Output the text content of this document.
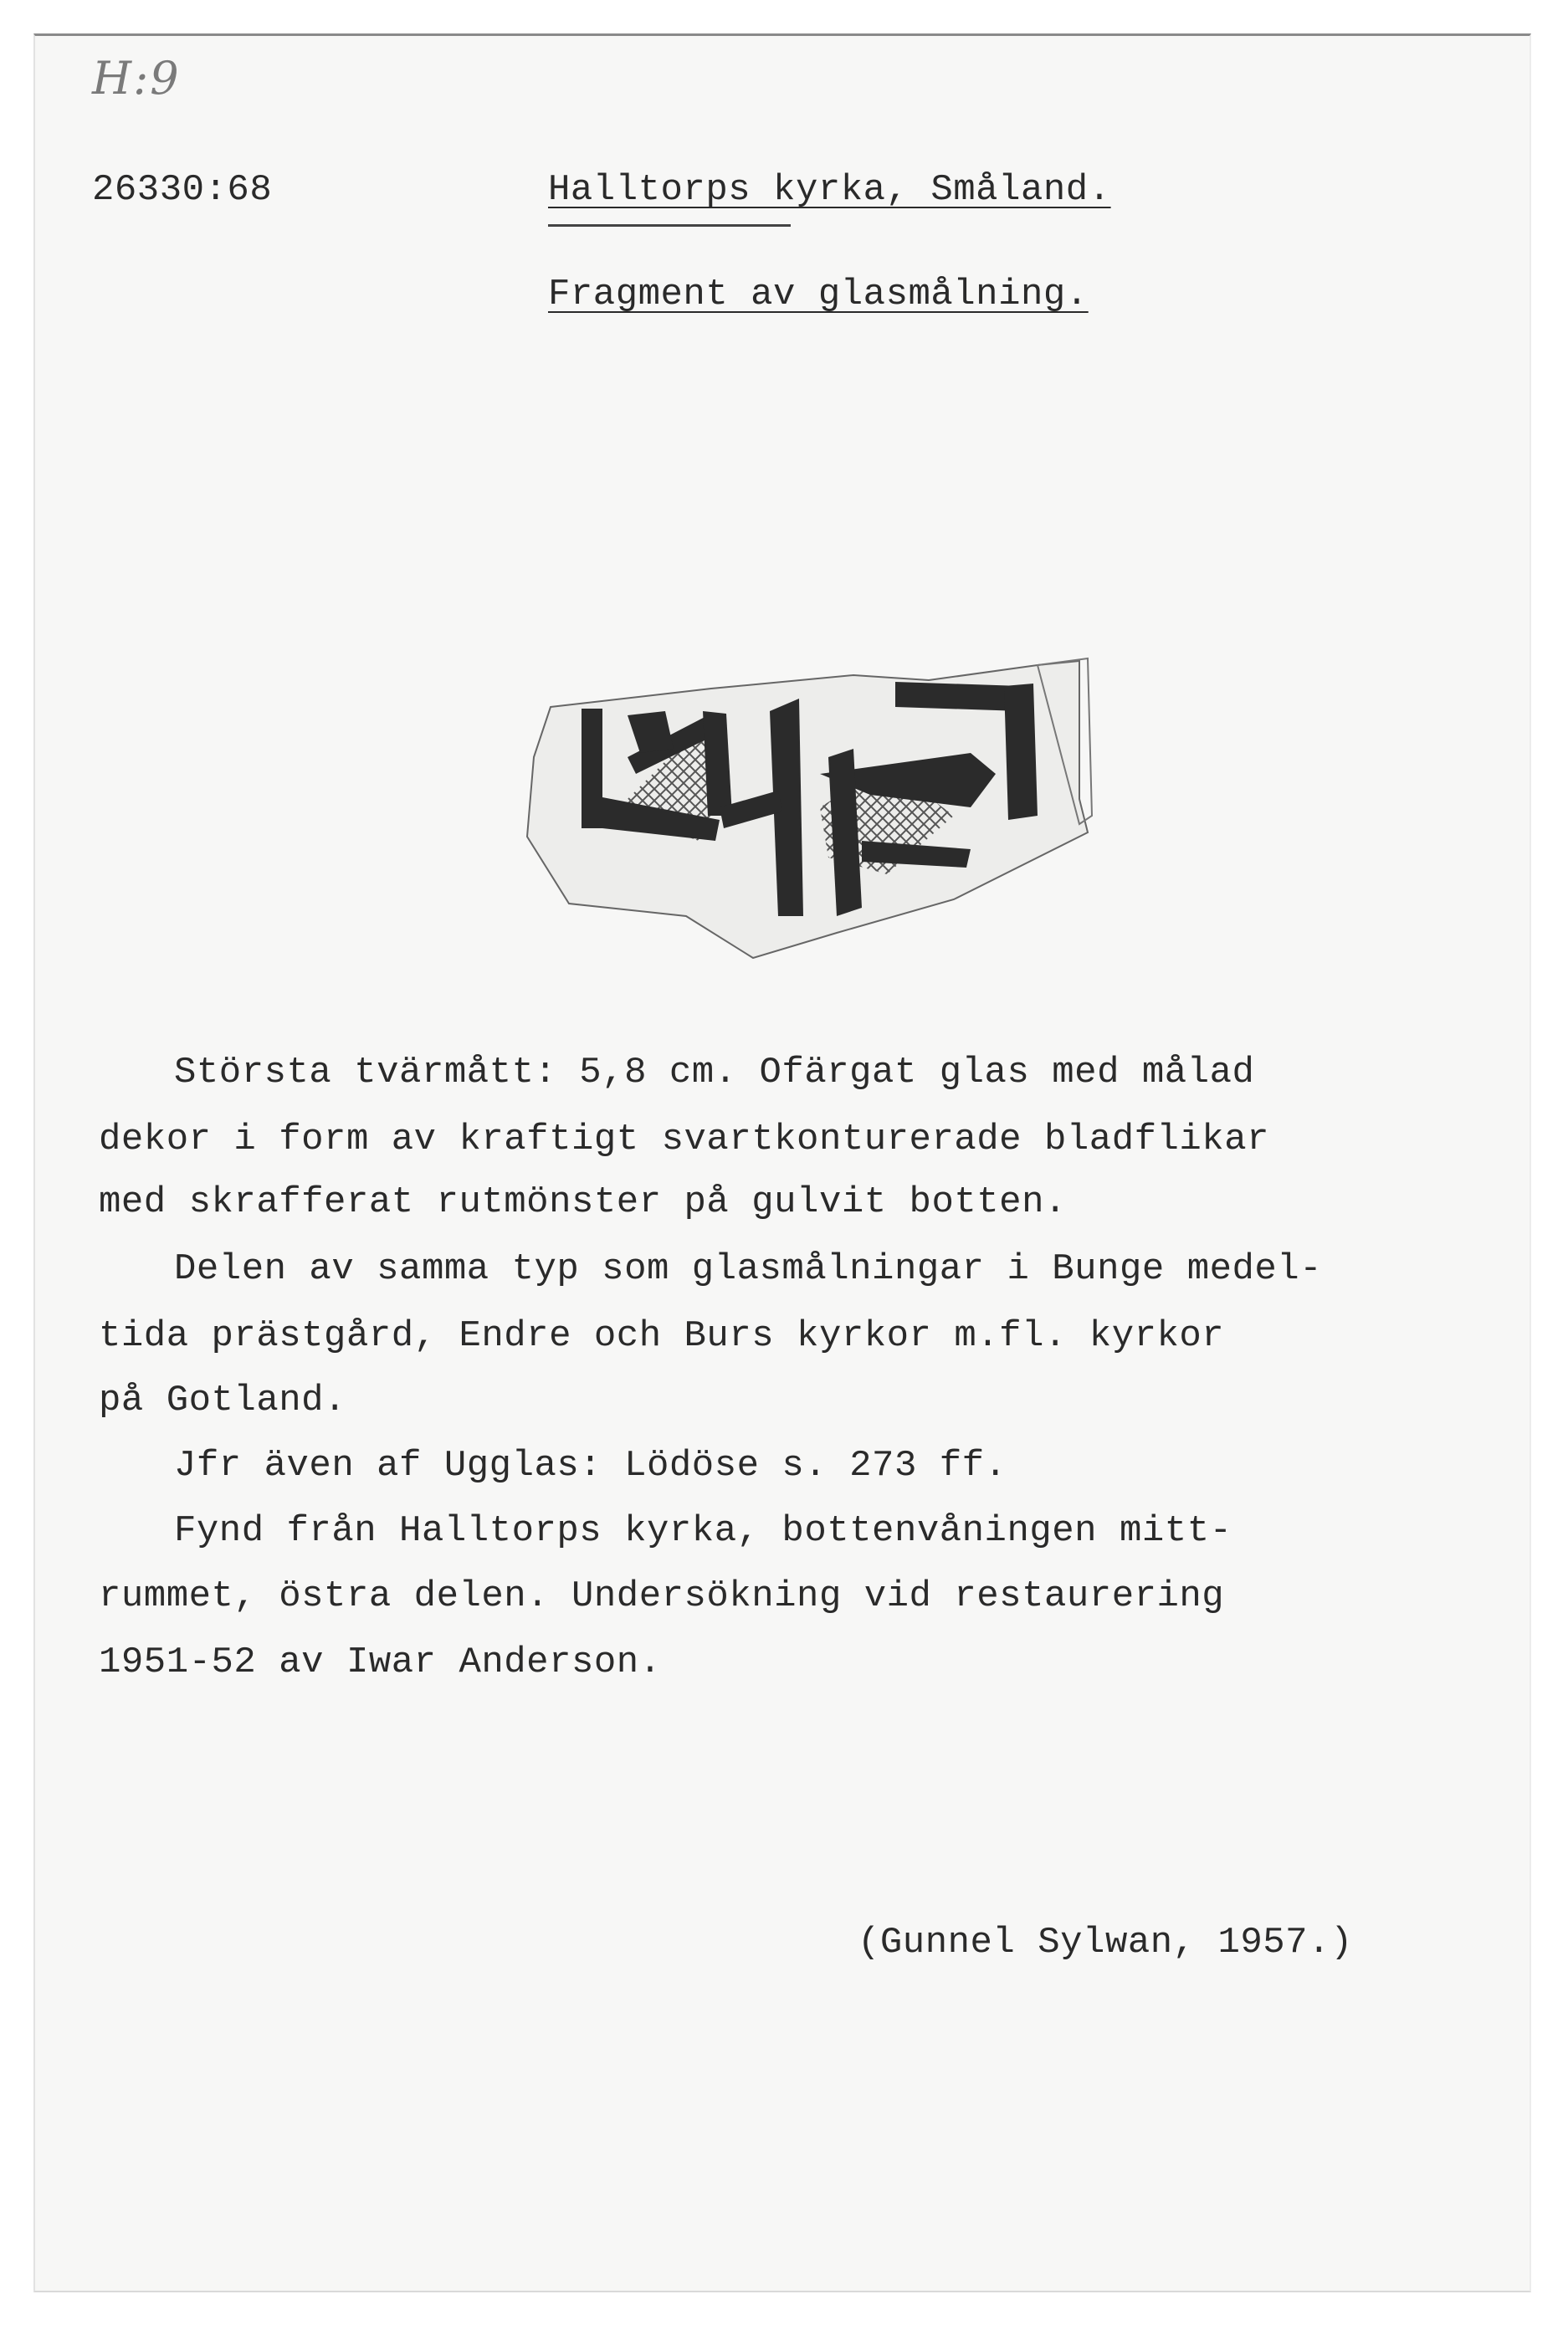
H:9
26330:68	Halltorps kyrka, Småland.
Fragment av glasmålning.
Största tvärmått: 5,8 cm. Ofärgat glas med målad
dekor i form av kraftigt svartkonturerade bladflikar
med skrafferat rutmönster på gulvit botten.
Delen av samma typ som glasmålningar i Bunge medel-
tida prästgård, Endre och Burs kyrkor m.fl. kyrkor
på Gotland.
Jfr även af Ugglas: Lödöse s. 273 ff.
Fynd från Halltorps kyrka, bottenvåningen mitt-
rummet, östra delen. Undersökning vid restaurering
1951-52 av Iwar Anderson.
(Gunnel Sylwan, 1957.)
